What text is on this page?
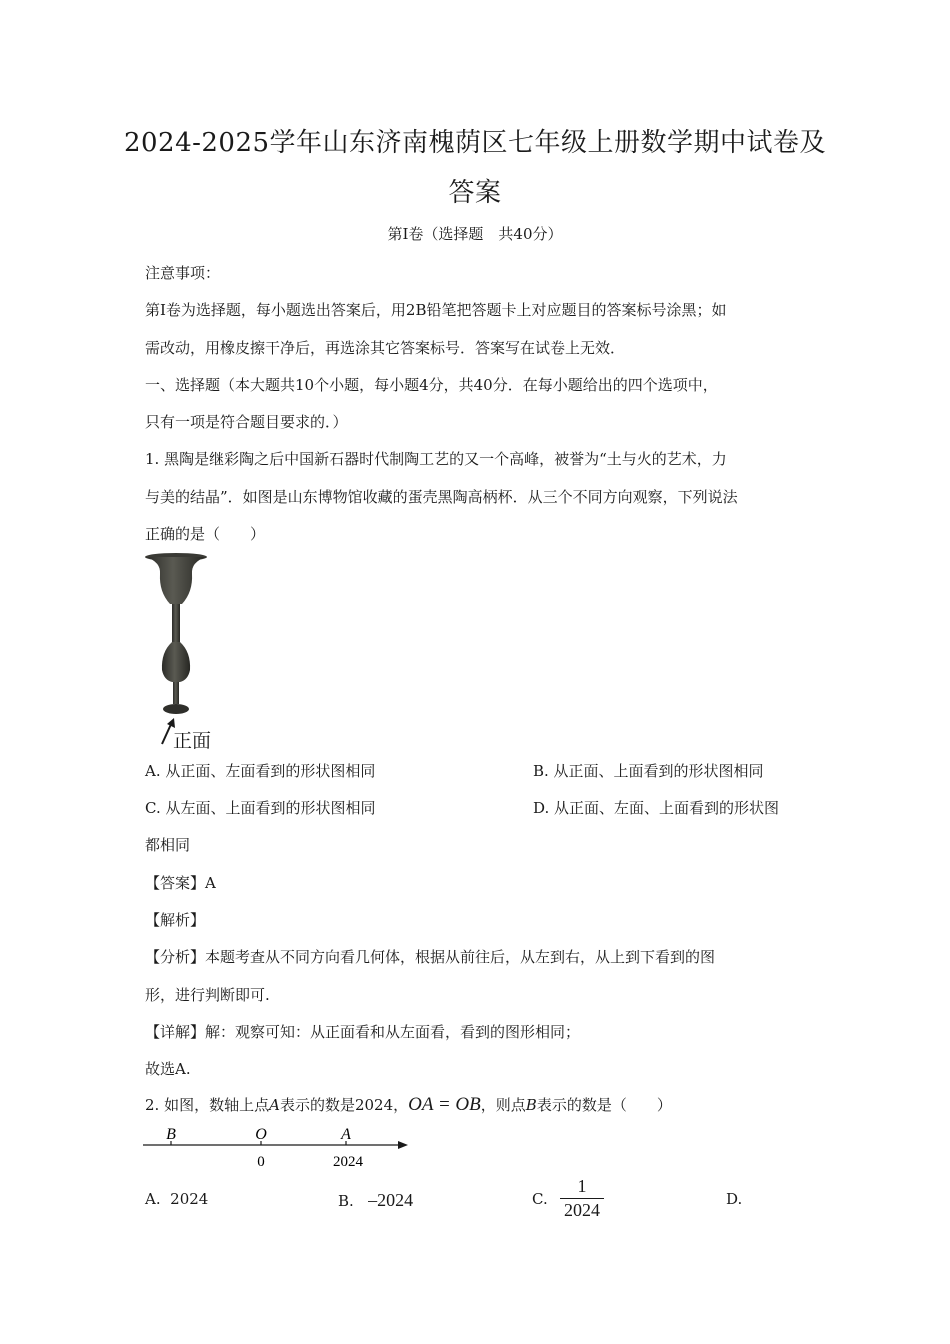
2024-2025学年山东济南槐荫区七年级上册数学期中试卷及
答案
第Ⅰ卷（选择题　共40分）
注意事项：
第Ⅰ卷为选择题，每小题选出答案后，用2B铅笔把答题卡上对应题目的答案标号涂黑；如
需改动，用橡皮擦干净后，再选涂其它答案标号．答案写在试卷上无效．
一、选择题（本大题共10个小题，每小题4分，共40分．在每小题给出的四个选项中，
只有一项是符合题目要求的．）
1. 黑陶是继彩陶之后中国新石器时代制陶工艺的又一个高峰，被誉为“土与火的艺术，力
与美的结晶”．如图是山东博物馆收藏的蛋壳黑陶高柄杯．从三个不同方向观察，下列说法
正确的是（　　）
正面
A. 从正面、左面看到的形状图相同	B. 从正面、上面看到的形状图相同
C. 从左面、上面看到的形状图相同	D. 从正面、左面、上面看到的形状图
都相同
【答案】A
【解析】
【分析】本题考查从不同方向看几何体，根据从前往后，从左到右，从上到下看到的图
形，进行判断即可.
【详解】解：观察可知：从正面看和从左面看，看到的图形相同；
故选A.
2. 如图，数轴上点A表示的数是2024，OA = OB，则点B表示的数是（　　）
B	O	A
0	2024
A. 2024	B. –2024	C.
1
2024
D.
